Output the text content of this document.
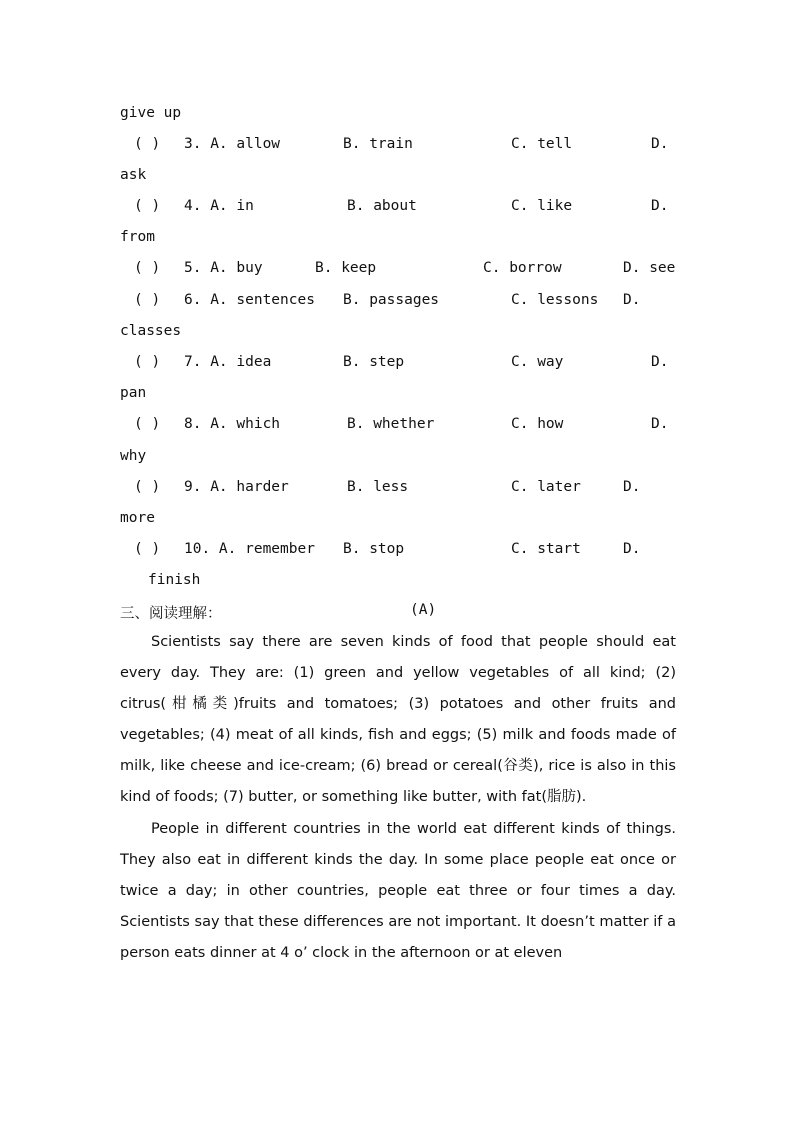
give up
( ) 3. A. allow	B. train	C. tell	D.
ask
( ) 4. A. in	B. about	C. like	D.
from
( ) 5. A. buy	B. keep	C. borrow	D. see
( ) 6. A. sentences B. passages	C. lessons D.
classes
( ) 7. A. idea	B. step	C. way	D.
pan
( ) 8. A. which	B. whether	C. how	D.
why
( ) 9. A. harder	B. less	C. later	D.
more
( ) 10. A. remember B. stop	C. start	D.
finish
三、阅读理解：	(A)

Scientists say there are seven kinds of food that people should eat every day. They are: (1) green and yellow vegetables of all kind; (2) citrus(柑橘类)fruits and tomatoes; (3) potatoes and other fruits and vegetables; (4) meat of all kinds, fish and eggs; (5) milk and foods made of milk, like cheese and ice-cream; (6) bread or cereal(谷类), rice is also in this kind of foods; (7) butter, or something like butter, with fat(脂肪).

People in different countries in the world eat different kinds of things. They also eat in different kinds the day. In some place people eat once or twice a day; in other countries, people eat three or four times a day. Scientists say that these differences are not important. It doesn’t matter if a person eats dinner at 4 o’ clock in the afternoon or at eleven
